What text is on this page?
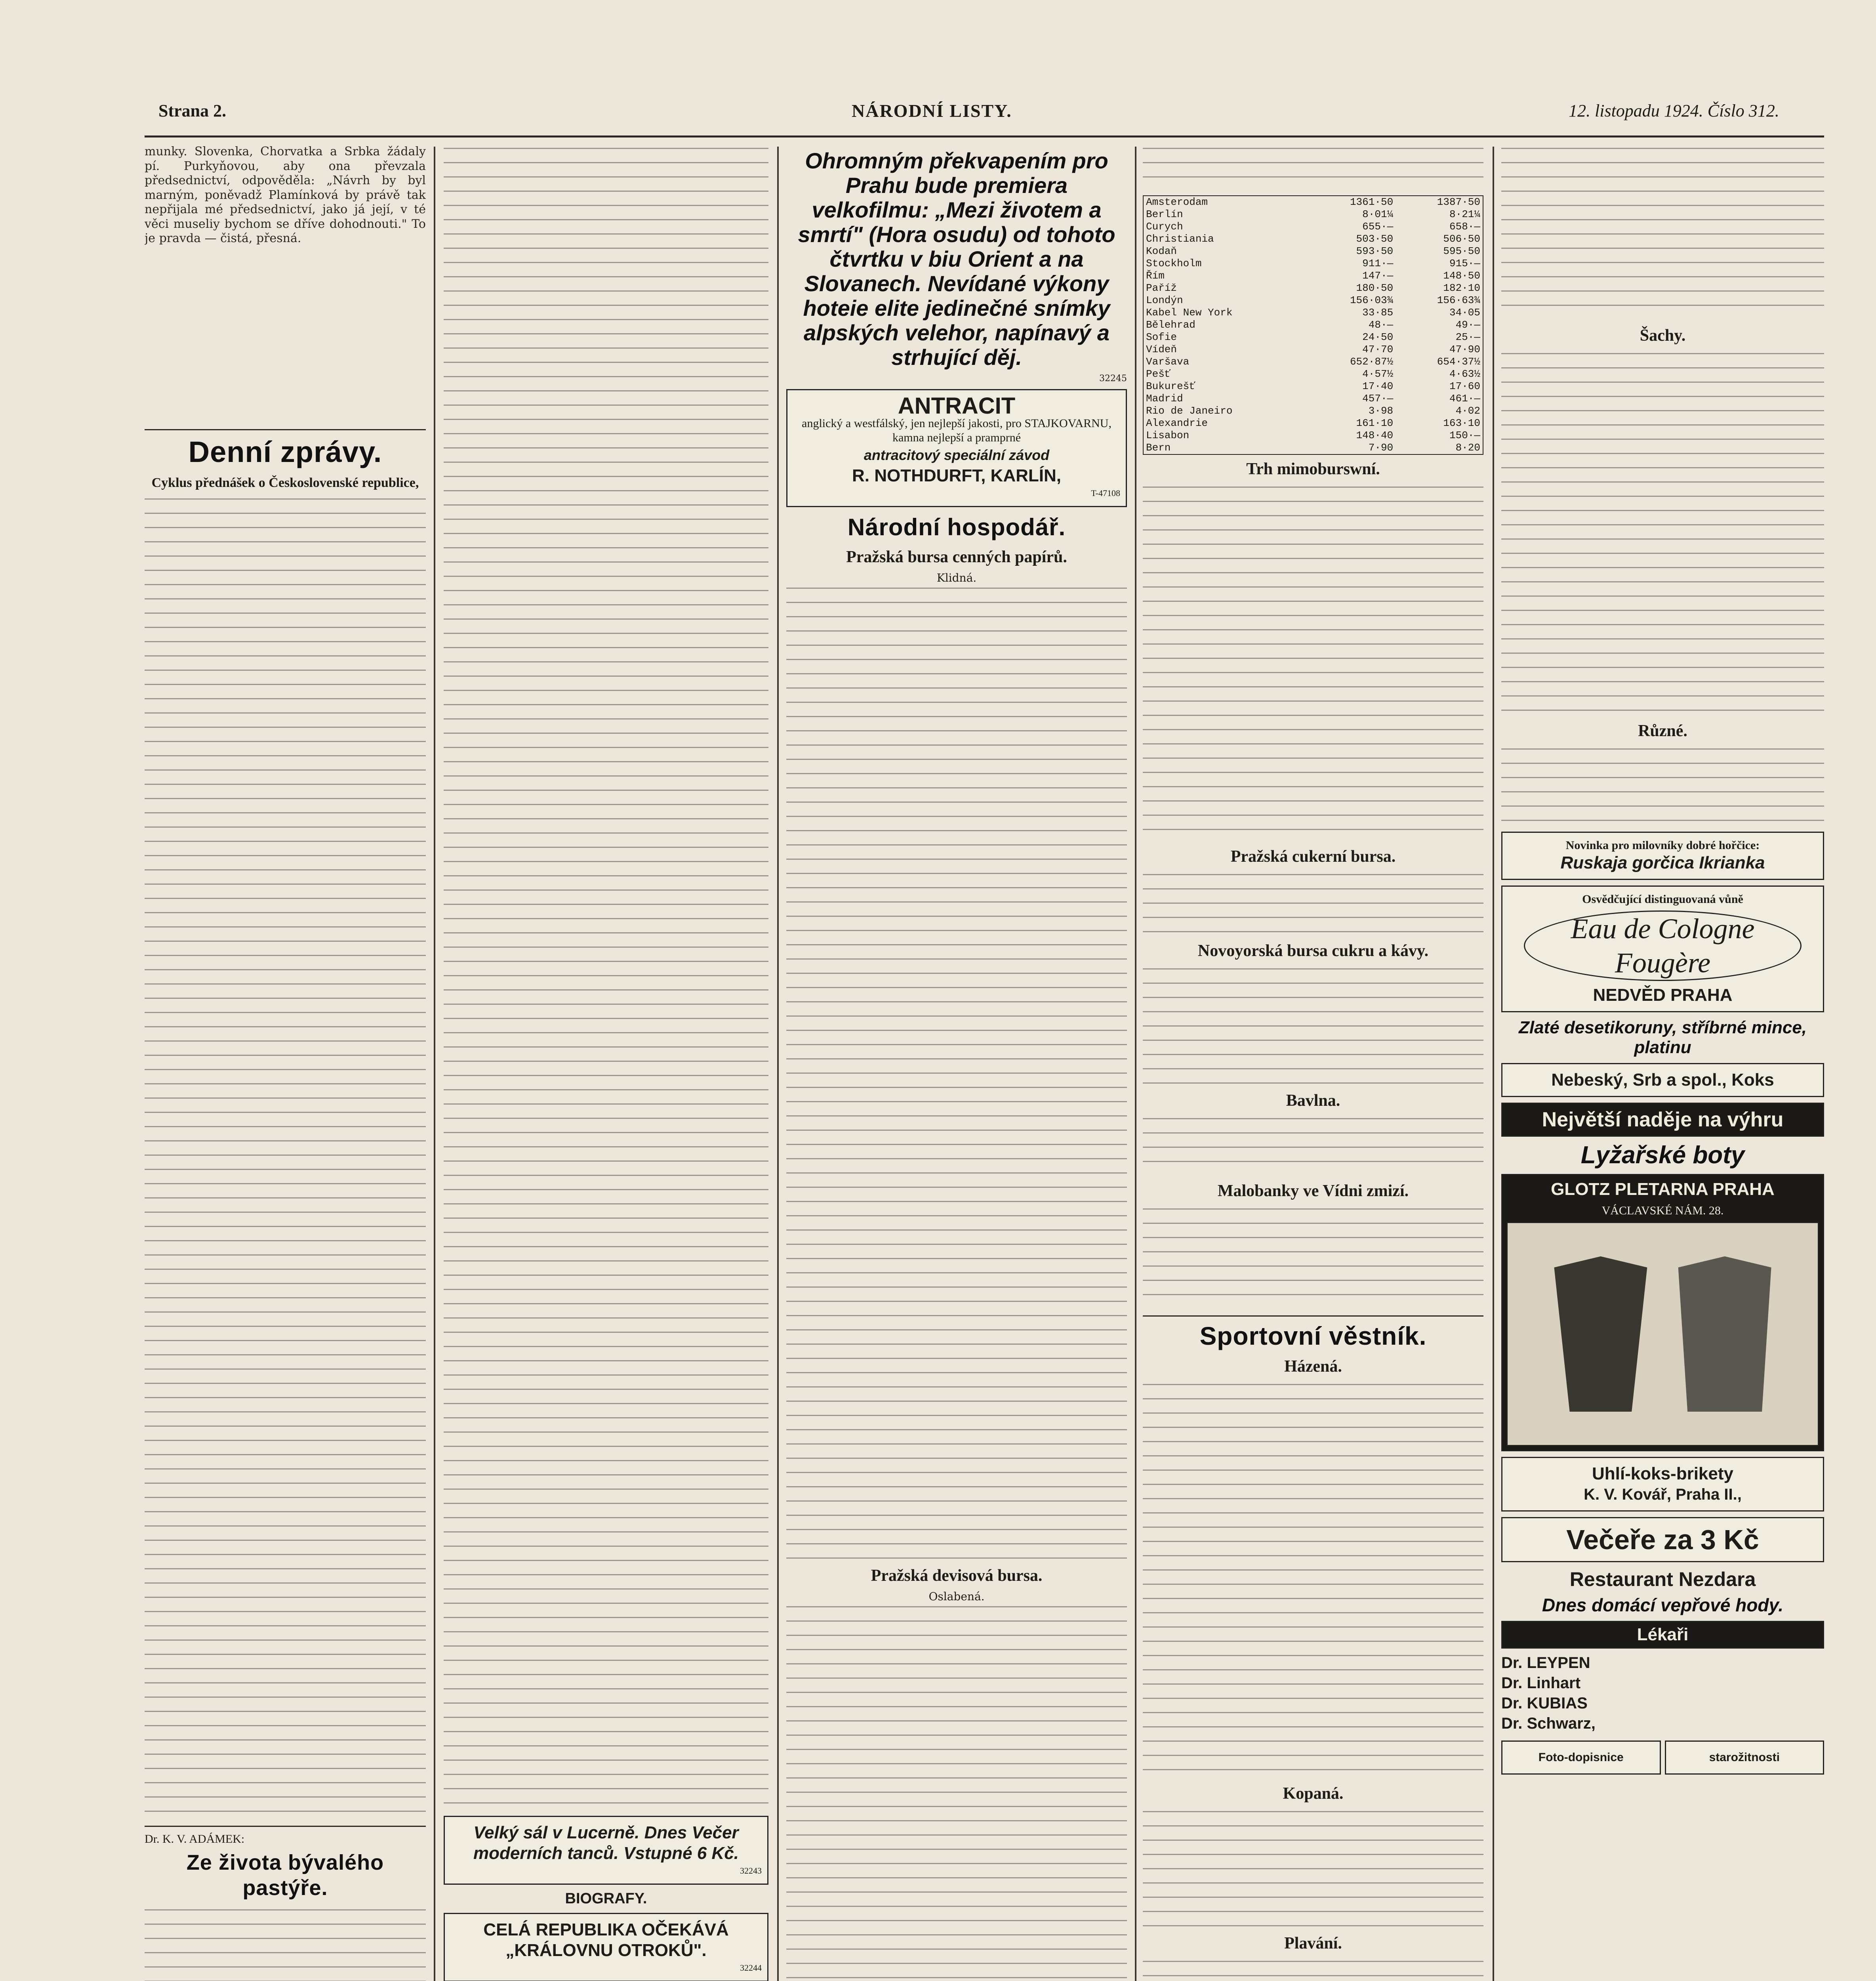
Strana 2.	NÁRODNÍ LISTY.	12. listopadu 1924. Číslo 312.

munky. Slovenka, Chorvatka a Srbka žádaly pí. Purkyňovou, aby ona převzala předsednictví, odpověděla: „Návrh by byl marným, poněvadž Plamínková by právě tak nepřijala mé předsednictví, jako já její, v té věci museliy bychom se dříve dohodnouti." To je pravda — čistá, přesná.

Denní zprávy.
Cyklus přednášek o Československé republice,
Dr. K. V. ADÁMEK:
Ze života bývalého pastýře.
Velký sál v Lucerně. Dnes Večer moderních tanců. Vstupné 6 Kč.
32243
BIOGRAFY.
CELÁ REPUBLIKA OČEKÁVÁ „KRÁLOVNU OTROKŮ".
32244
Ohromným překvapením pro Prahu bude premiera velkofilmu: „Mezi životem a smrtí" (Hora osudu) od tohoto čtvrtku v biu Orient a na Slovanech. Nevídané výkony hoteie elite jedinečné snímky alpských velehor, napínavý a strhující děj.
32245
ANTRACIT
anglický a westfálský, jen nejlepší jakosti, pro STAJKOVARNU, kamna nejlepší a pramprné
antracitový speciální závod
R. NOTHDURFT, KARLÍN,
T-47108
Národní hospodář.
Pražská bursa cenných papírů.
Klidná.
Pražská devisová bursa.
Oslabená.
Amsterodam	1361·50	1387·50
Berlín	8·01¼	8·21¼
Curych	655·—	658·—
Christiania	503·50	506·50
Kodaň	593·50	595·50
Stockholm	911·—	915·—
Řím	147·—	148·50
Paříž	180·50	182·10
Londýn	156·03¾	156·63¾
Kabel New York	33·85	34·05
Bělehrad	48·—	49·—
Sofie	24·50	25·—
Vídeň	47·70	47·90
Varšava	652·87½	654·37½
Pešť	4·57½	4·63½
Bukurešť	17·40	17·60
Madrid	457·—	461·—
Rio de Janeiro	3·98	4·02
Alexandrie	161·10	163·10
Lisabon	148·40	150·—
Bern	7·90	8·20
Trh mimoburswní.
Pražská cukerní bursa.
Novoyorská bursa cukru a kávy.
Bavlna.
Malobanky ve Vídni zmizí.
Sportovní věstník.
Házená.
Kopaná.
Plavání.
Šachy.
Různé.
Novinka pro milovníky dobré hořčice:
Ruskaja gorčica Ikrianka
Osvědčující distinguovaná vůně
Eau de Cologne Fougère
NEDVĚD PRAHA
Zlaté desetikoruny, stříbrné mince, platinu
Nebeský, Srb a spol., Koks
Největší naděje na výhru
Lyžařské boty
GLOTZ PLETARNA PRAHA
VÁCLAVSKÉ NÁM. 28.
Uhlí-koks-brikety
K. V. Kovář, Praha II.,
Večeře za 3 Kč
Restaurant Nezdara
Dnes domácí vepřové hody.
Lékaři
Dr. LEYPEN
Dr. Linhart
Dr. KUBIAS
Dr. Schwarz,
Foto-dopisnice	starožitnosti
